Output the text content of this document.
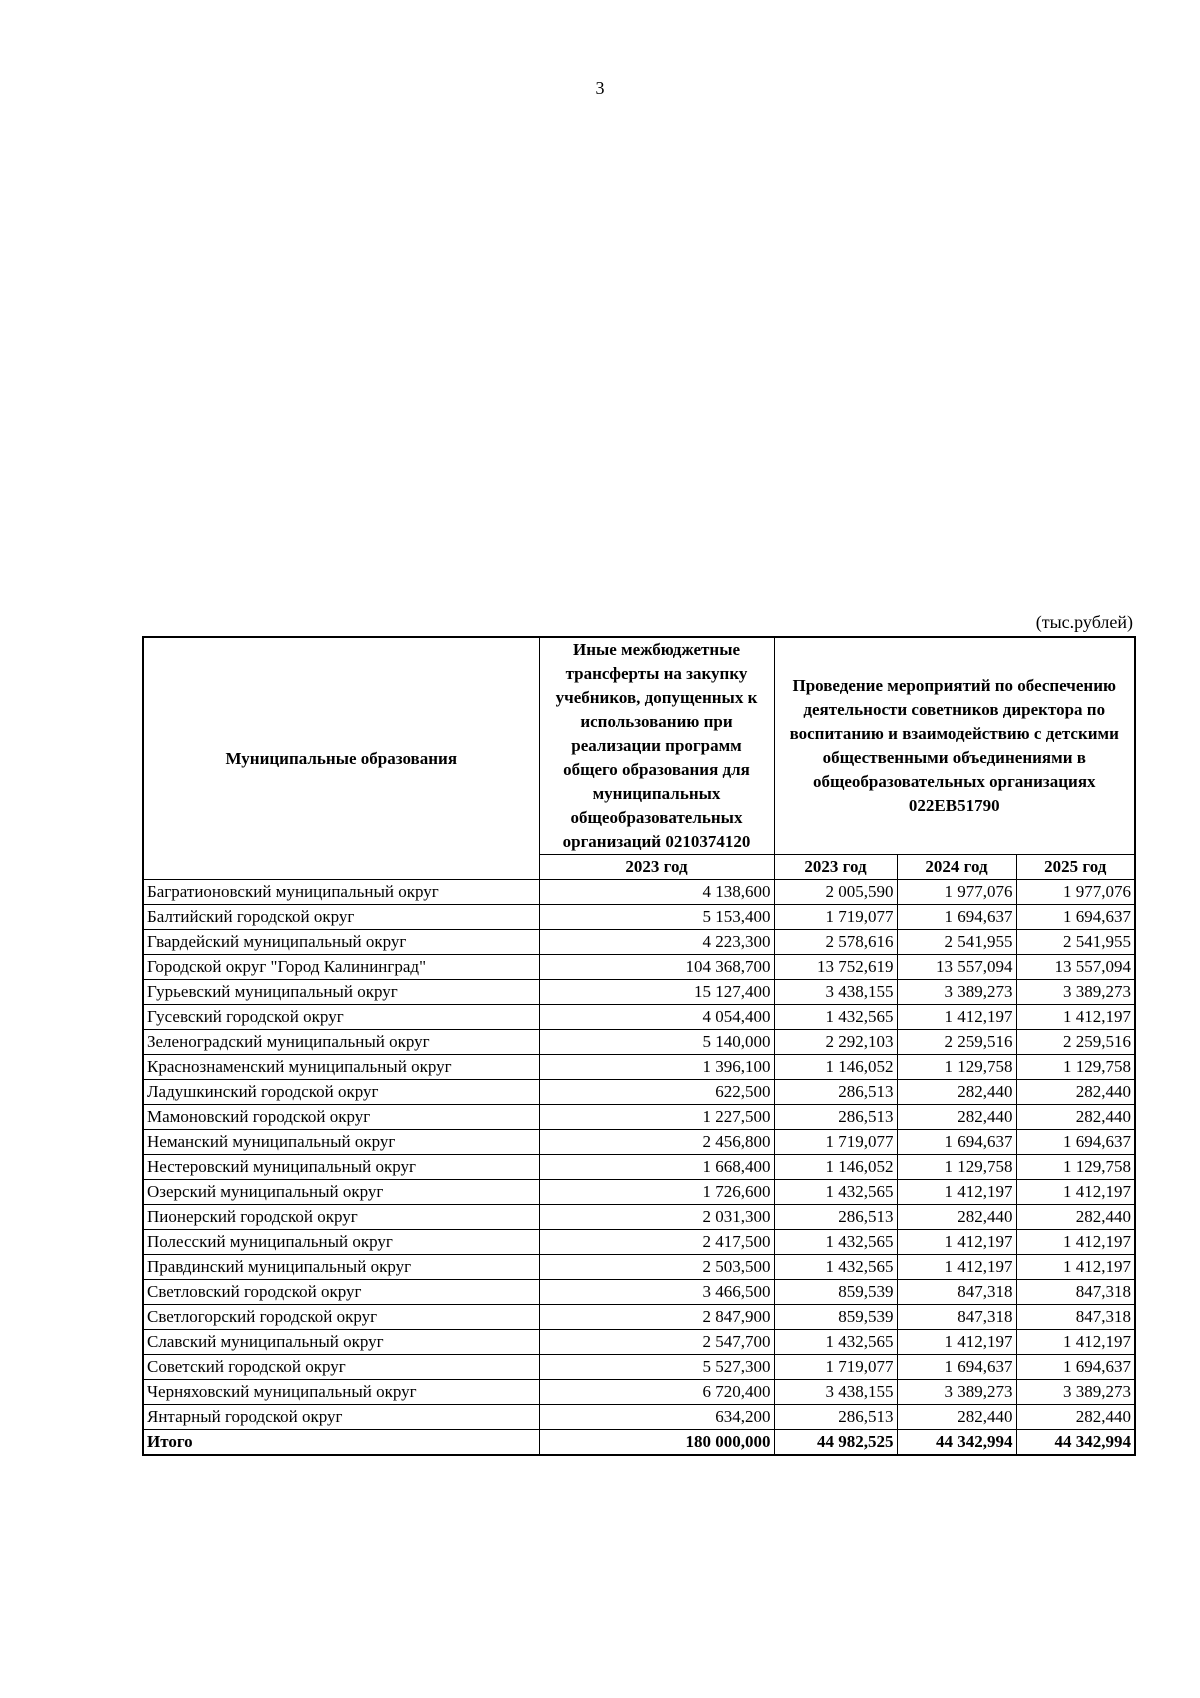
3
(тыс.рублей)
Муниципальные образования	Иные межбюджетные трансферты на закупку учебников, допущенных к использованию при реализации программ общего образования для муниципальных общеобразовательных организаций 0210374120	Проведение мероприятий по обеспечению деятельности советников директора по воспитанию и взаимодействию с детскими общественными объединениями в общеобразовательных организациях 022EB51790		
	2023 год	2023 год	2024 год	2025 год
Багратионовский муниципальный округ	4 138,600	2 005,590	1 977,076	1 977,076
Балтийский городской округ	5 153,400	1 719,077	1 694,637	1 694,637
Гвардейский муниципальный округ	4 223,300	2 578,616	2 541,955	2 541,955
Городской округ "Город Калининград"	104 368,700	13 752,619	13 557,094	13 557,094
Гурьевский муниципальный округ	15 127,400	3 438,155	3 389,273	3 389,273
Гусевский городской округ	4 054,400	1 432,565	1 412,197	1 412,197
Зеленоградский муниципальный округ	5 140,000	2 292,103	2 259,516	2 259,516
Краснознаменский муниципальный округ	1 396,100	1 146,052	1 129,758	1 129,758
Ладушкинский городской округ	622,500	286,513	282,440	282,440
Мамоновский городской округ	1 227,500	286,513	282,440	282,440
Неманский муниципальный округ	2 456,800	1 719,077	1 694,637	1 694,637
Нестеровский муниципальный округ	1 668,400	1 146,052	1 129,758	1 129,758
Озерский муниципальный округ	1 726,600	1 432,565	1 412,197	1 412,197
Пионерский городской округ	2 031,300	286,513	282,440	282,440
Полесский муниципальный округ	2 417,500	1 432,565	1 412,197	1 412,197
Правдинский муниципальный округ	2 503,500	1 432,565	1 412,197	1 412,197
Светловский городской округ	3 466,500	859,539	847,318	847,318
Светлогорский городской округ	2 847,900	859,539	847,318	847,318
Славский муниципальный округ	2 547,700	1 432,565	1 412,197	1 412,197
Советский городской округ	5 527,300	1 719,077	1 694,637	1 694,637
Черняховский муниципальный округ	6 720,400	3 438,155	3 389,273	3 389,273
Янтарный городской округ	634,200	286,513	282,440	282,440
Итого	180 000,000	44 982,525	44 342,994	44 342,994
